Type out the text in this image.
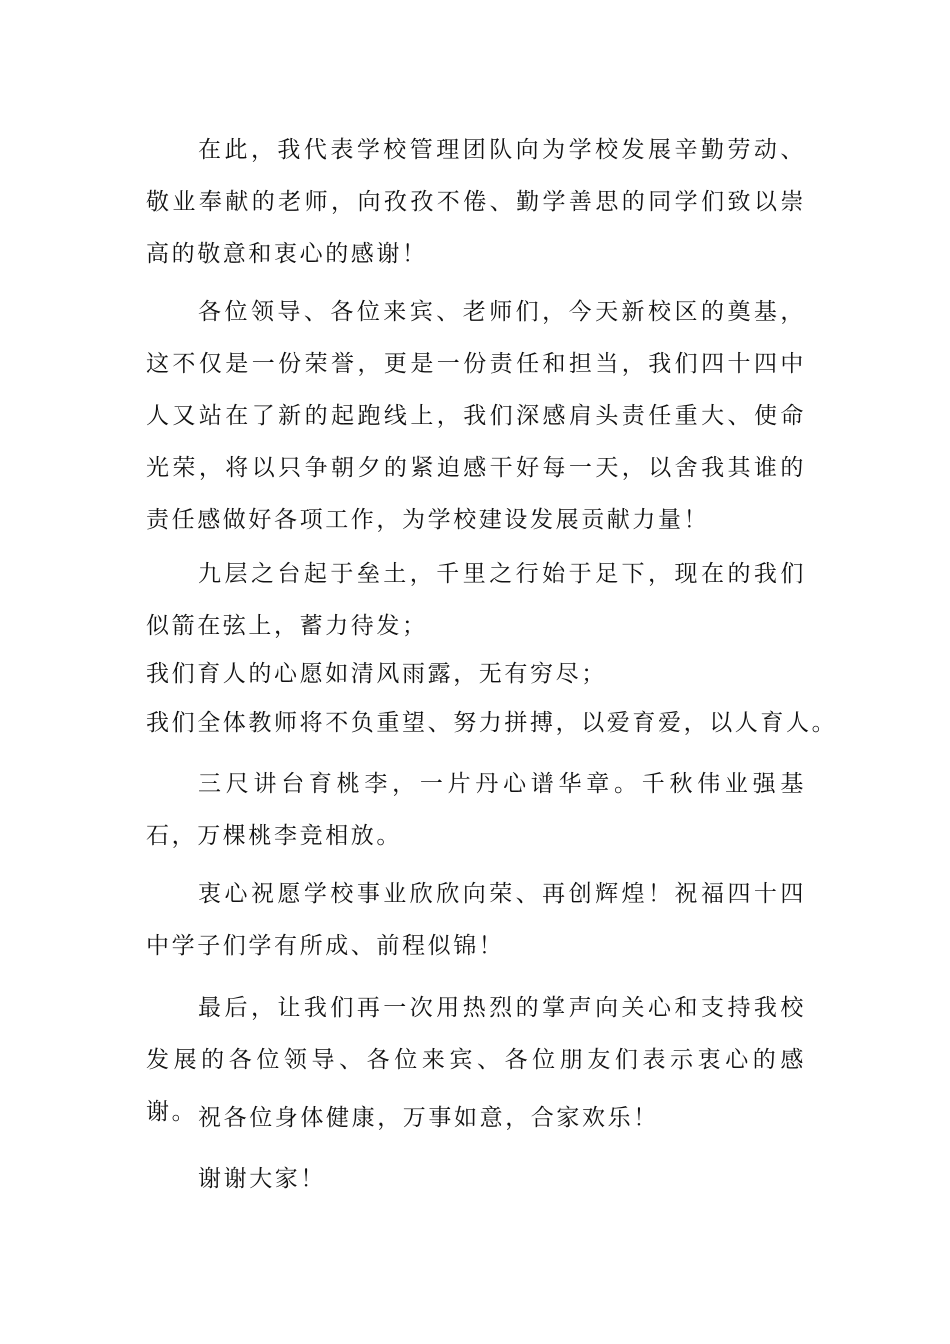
在此，我代表学校管理团队向为学校发展辛勤劳动、敬业奉献的老师，向孜孜不倦、勤学善思的同学们致以崇高的敬意和衷心的感谢！

各位领导、各位来宾、老师们，今天新校区的奠基，这不仅是一份荣誉，更是一份责任和担当，我们四十四中人又站在了新的起跑线上，我们深感肩头责任重大、使命光荣，将以只争朝夕的紧迫感干好每一天，以舍我其谁的责任感做好各项工作，为学校建设发展贡献力量！

九层之台起于垒土，千里之行始于足下，现在的我们似箭在弦上，蓄力待发；

我们育人的心愿如清风雨露，无有穷尽；

我们全体教师将不负重望、努力拼搏，以爱育爱，以人育人。

三尺讲台育桃李，一片丹心谱华章。千秋伟业强基石，万棵桃李竞相放。

衷心祝愿学校事业欣欣向荣、再创辉煌！祝福四十四中学子们学有所成、前程似锦！

最后，让我们再一次用热烈的掌声向关心和支持我校发展的各位领导、各位来宾、各位朋友们表示衷心的感谢。 祝各位身体健康，万事如意，合家欢乐！

谢谢大家！
